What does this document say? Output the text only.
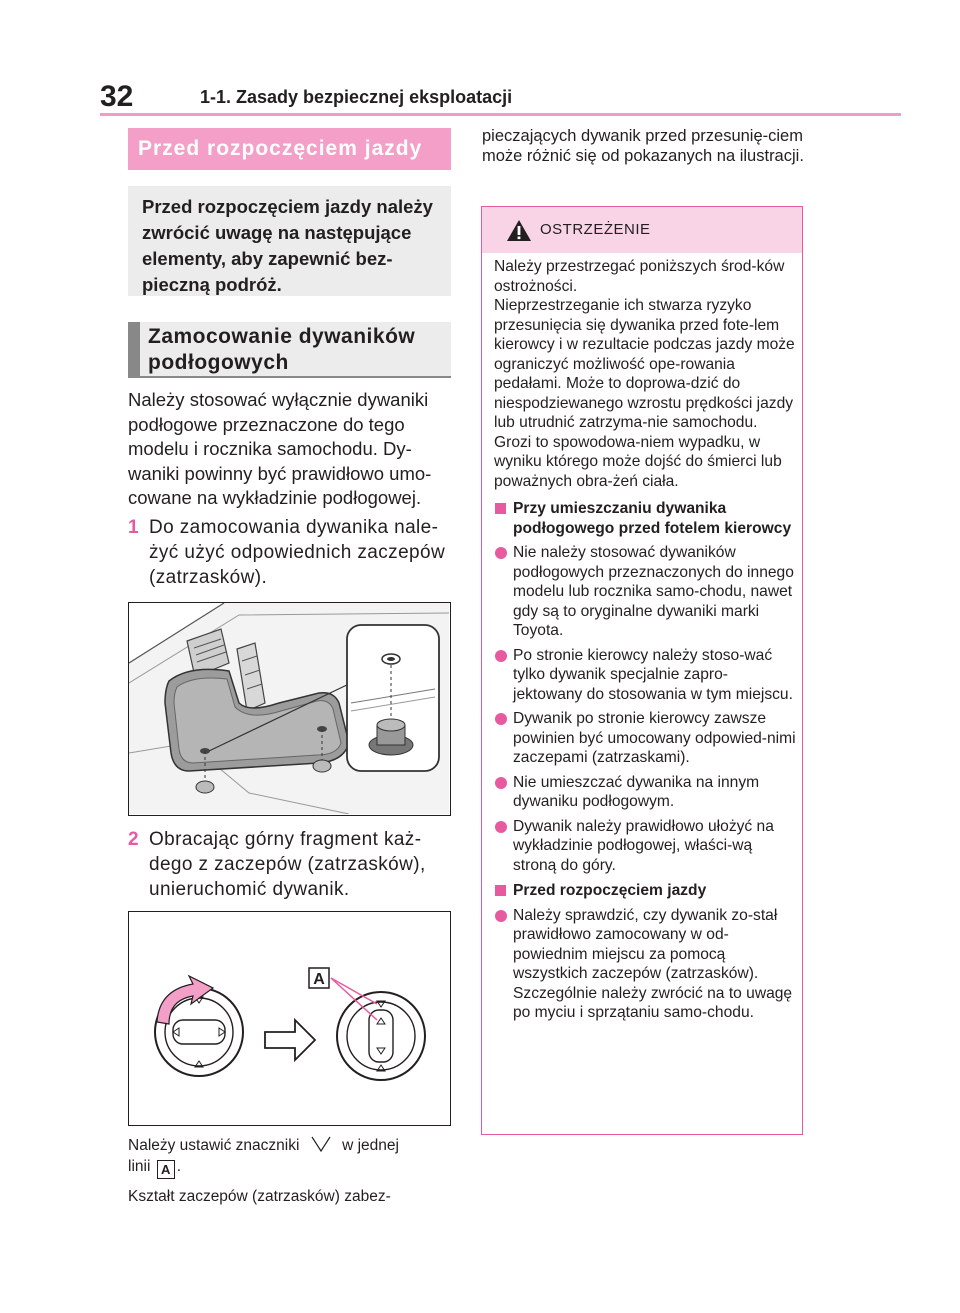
32	1-1. Zasady bezpiecznej eksploatacji
Przed rozpoczęciem jazdy
Przed rozpoczęciem jazdy należy zwrócić uwagę na następujące elementy, aby zapewnić bez-pieczną podróż.
Zamocowanie dywaników podłogowych
Należy stosować wyłącznie dywaniki podłogowe przeznaczone do tego modelu i rocznika samochodu. Dy-waniki powinny być prawidłowo umo-cowane na wykładzinie podłogowej.
1 Do zamocowania dywanika nale-żyć użyć odpowiednich zaczepów (zatrzasków).
2 Obracając górny fragment każ-dego z zaczepów (zatrzasków), unieruchomić dywanik.
A
Należy ustawić znaczniki	w jednej
linii A .
Kształt zaczepów (zatrzasków) zabez-
pieczających dywanik przed przesunię-ciem może różnić się od pokazanych na ilustracji.
OSTRZEŻENIE

Należy przestrzegać poniższych środ-ków ostrożności.

Nieprzestrzeganie ich stwarza ryzyko przesunięcia się dywanika przed fote-lem kierowcy i w rezultacie podczas jazdy może ograniczyć możliwość ope-rowania pedałami. Może to doprowa-dzić do niespodziewanego wzrostu prędkości jazdy lub utrudnić zatrzyma-nie samochodu. Grozi to spowodowa-niem wypadku, w wyniku którego może dojść do śmierci lub poważnych obra-żeń ciała.

Przy umieszczaniu dywanika podłogowego przed fotelem kierowcy
Nie należy stosować dywaników podłogowych przeznaczonych do innego modelu lub rocznika samo-chodu, nawet gdy są to oryginalne dywaniki marki Toyota.
Po stronie kierowcy należy stoso-wać tylko dywanik specjalnie zapro-jektowany do stosowania w tym miejscu.
Dywanik po stronie kierowcy zawsze powinien być umocowany odpowied-nimi zaczepami (zatrzaskami).
Nie umieszczać dywanika na innym dywaniku podłogowym.
Dywanik należy prawidłowo ułożyć na wykładzinie podłogowej, właści-wą stroną do góry.
Przed rozpoczęciem jazdy
Należy sprawdzić, czy dywanik zo-stał prawidłowo zamocowany w od-powiednim miejscu za pomocą wszystkich zaczepów (zatrzasków). Szczególnie należy zwrócić na to uwagę po myciu i sprzątaniu samo-chodu.
